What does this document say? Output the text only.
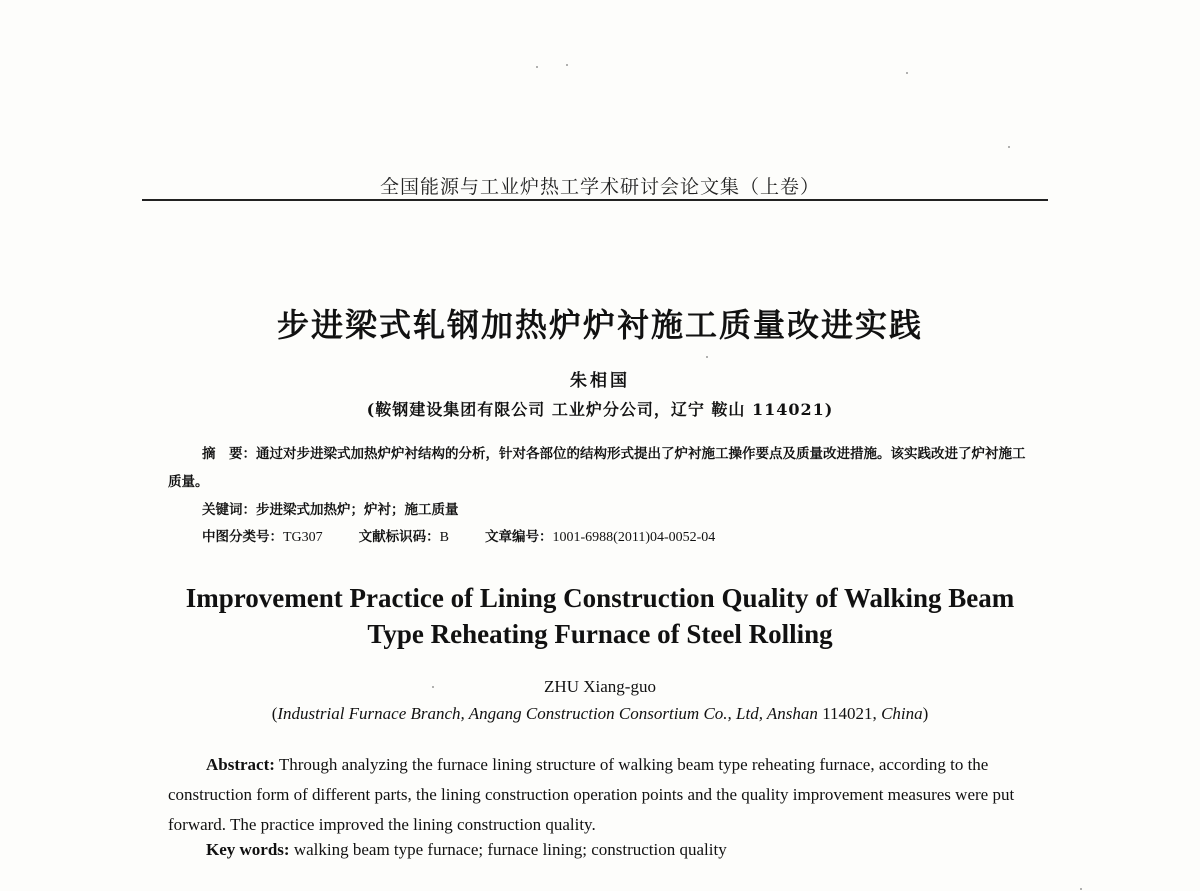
全国能源与工业炉热工学术研讨会论文集（上卷）
步进梁式轧钢加热炉炉衬施工质量改进实践
朱相国
(鞍钢建设集团有限公司 工业炉分公司，辽宁 鞍山 114021)
摘　要：通过对步进梁式加热炉炉衬结构的分析，针对各部位的结构形式提出了炉衬施工操作要点及质量改进措施。该实践改进了炉衬施工质量。
关键词：步进梁式加热炉；炉衬；施工质量
中图分类号：TG307	文献标识码：B	文章编号：1001-6988(2011)04-0052-04
Improvement Practice of Lining Construction Quality of Walking Beam
Type Reheating Furnace of Steel Rolling
ZHU Xiang-guo
(Industrial Furnace Branch, Angang Construction Consortium Co., Ltd, Anshan 114021, China)
Abstract: Through analyzing the furnace lining structure of walking beam type reheating furnace, according to the construction form of different parts, the lining construction operation points and the quality improvement measures were put forward. The practice improved the lining construction quality.
Key words: walking beam type furnace; furnace lining; construction quality
